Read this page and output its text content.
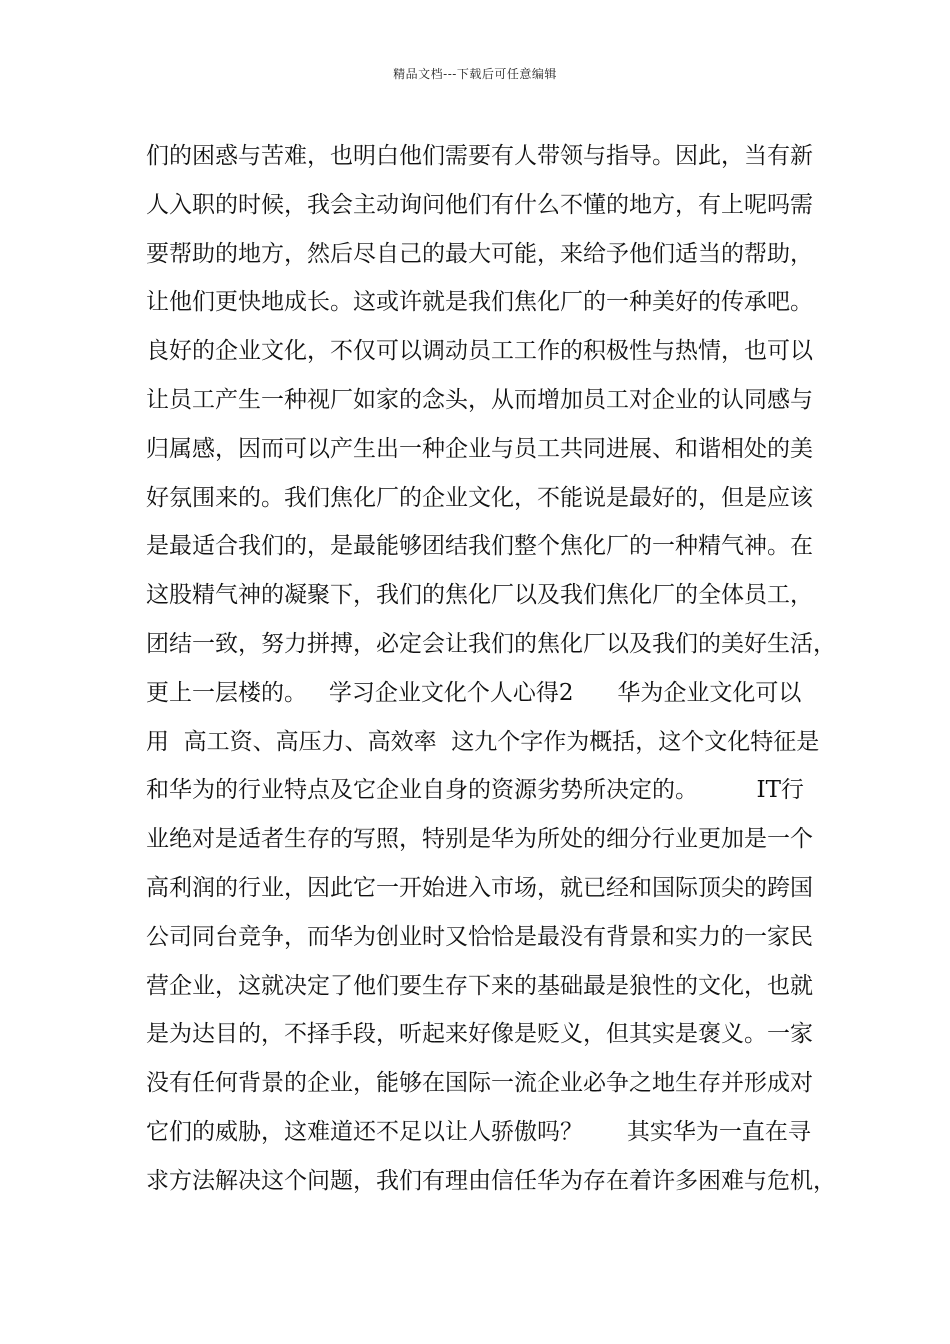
精品文档---下载后可任意编辑
们的困惑与苦难，也明白他们需要有人带领与指导。因此，当有新
人入职的时候，我会主动询问他们有什么不懂的地方，有上呢吗需
要帮助的地方，然后尽自己的最大可能，来给予他们适当的帮助，
让他们更快地成长。这或许就是我们焦化厂的一种美好的传承吧。
良好的企业文化，不仅可以调动员工工作的积极性与热情，也可以
让员工产生一种视厂如家的念头，从而增加员工对企业的认同感与
归属感，因而可以产生出一种企业与员工共同进展、和谐相处的美
好氛围来的。我们焦化厂的企业文化，不能说是最好的，但是应该
是最适合我们的，是最能够团结我们整个焦化厂的一种精气神。在
这股精气神的凝聚下，我们的焦化厂以及我们焦化厂的全体员工，
团结一致，努力拼搏，必定会让我们的焦化厂以及我们的美好生活，
更上一层楼的。   学习企业文化个人心得2      华为企业文化可以
用  高工资、高压力、高效率  这九个字作为概括，这个文化特征是
和华为的行业特点及它企业自身的资源劣势所决定的。        IT行
业绝对是适者生存的写照，特别是华为所处的细分行业更加是一个
高利润的行业，因此它一开始进入市场，就已经和国际顶尖的跨国
公司同台竞争，而华为创业时又恰恰是最没有背景和实力的一家民
营企业，这就决定了他们要生存下来的基础最是狼性的文化，也就
是为达目的，不择手段，听起来好像是贬义，但其实是褒义。一家
没有任何背景的企业，能够在国际一流企业必争之地生存并形成对
它们的威胁，这难道还不足以让人骄傲吗？      其实华为一直在寻
求方法解决这个问题，我们有理由信任华为存在着许多困难与危机，
